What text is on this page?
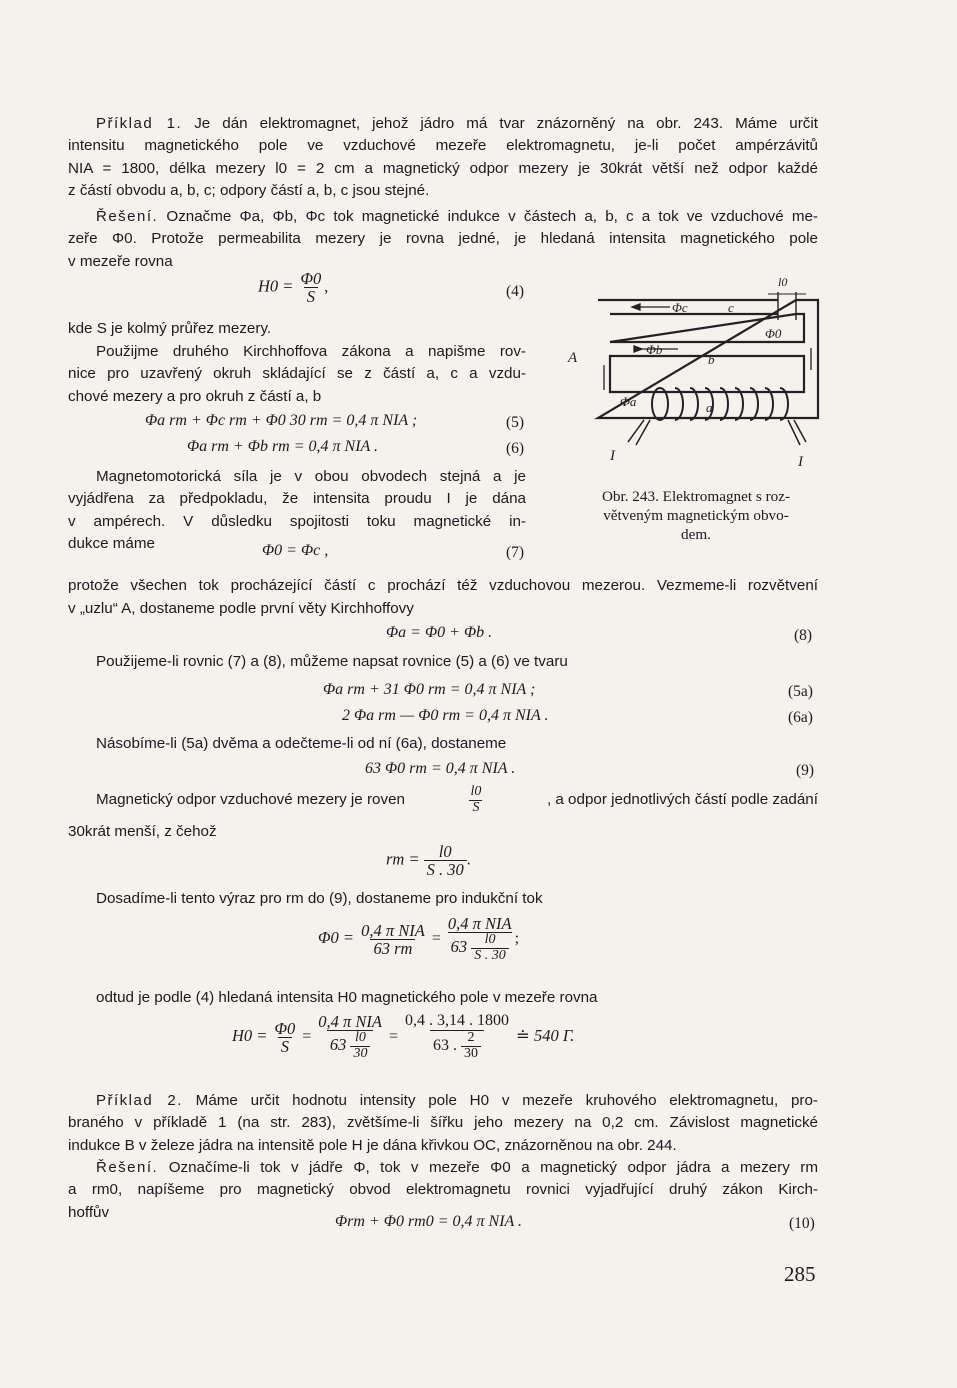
Příklad 1. Je dán elektromagnet, jehož jádro má tvar znázorněný na obr. 243. Máme určit
intensitu magnetického pole ve vzduchové mezeře elektromagnetu, je-li počet ampérzávitů
NIA = 1800, délka mezery l0 = 2 cm a magnetický odpor mezery je 30krát větší než odpor každé
z částí obvodu a, b, c; odpory částí a, b, c jsou stejné.
Řešení. Označme Φa, Φb, Φc tok magnetické indukce v částech a, b, c a tok ve vzduchové me-
zeře Φ0. Protože permeabilita mezery je rovna jedné, je hledaná intensita magnetického pole
v mezeře rovna
$H0 = \frac{\Phi 0}{S}$ ,	(4)
kde S je kolmý průřez mezery.
Použijme druhého Kirchhoffova zákona a napišme rov-
nice pro uzavřený okruh skládající se z částí a, c a vzdu-
chové mezery a pro okruh z částí a, b
Φa rm + Φc rm + Φ0 30 rm = 0,4 π NIA ;	(5)
Φa rm + Φb rm = 0,4 π NIA .	(6)
Magnetomotorická síla je v obou obvodech stejná a je
vyjádřena za předpokladu, že intensita proudu I je dána
v ampérech. V důsledku spojitosti toku magnetické in-
dukce máme	Φ0 = Φc ,	(7)
A
Φc	c
Φ0
l0
Φb
b
Φa	a
I	I
Obr. 243. Elektromagnet s roz-
větveným magnetickým obvo-
dem.
protože všechen tok procházející částí c prochází též vzduchovou mezerou. Vezmeme-li rozvětvení
v „uzlu“ A, dostaneme podle první věty Kirchhoffovy
Φa = Φ0 + Φb .	(8)
Použijeme-li rovnic (7) a (8), můžeme napsat rovnice (5) a (6) ve tvaru
Φa rm + 31 Φ0 rm = 0,4 π NIA ;	(5a)
2 Φa rm — Φ0 rm = 0,4 π NIA .	(6a)
Násobíme-li (5a) dvěma a odečteme-li od ní (6a), dostaneme
63 Φ0 rm = 0,4 π NIA .	(9)
Magnetický odpor vzduchové mezery je roven	$\frac{l0}{S}$	, a odpor jednotlivých částí podle zadání
30krát menší, z čehož
rm = $\frac{l0}{S . 30}$ .
Dosadíme-li tento výraz pro rm do (9), dostaneme pro indukční tok
$\Phi 0 = \frac{\text{0,4 π NIA}}{63 rm} = \frac{\text{0,4 π NIA}}{63 \frac{l0}{S . 30}}$ ;
odtud je podle (4) hledaná intensita H0 magnetického pole v mezeře rovna
$H0 = \frac{\Phi 0}{S} = \frac{\text{0,4 π NIA}}{63 \frac{l0}{30}} = \frac{0,4 . 3,14 . 1800}{63 . \frac{2}{30}}$ ≐ 540 Γ.
Příklad 2. Máme určit hodnotu intensity pole H0 v mezeře kruhového elektromagnetu, pro-
braného v příkladě 1 (na str. 283), zvětšíme-li šířku jeho mezery na 0,2 cm. Závislost magnetické
indukce B v železe jádra na intensitě pole H je dána křivkou OC, znázorněnou na obr. 244.
Řešení. Označíme-li tok v jádře Φ, tok v mezeře Φ0 a magnetický odpor jádra a mezery rm
a rm0, napíšeme pro magnetický obvod elektromagnetu rovnici vyjadřující druhý zákon Kirch-
hoffův
Φrm + Φ0 rm0 = 0,4 π NIA .	(10)
285
